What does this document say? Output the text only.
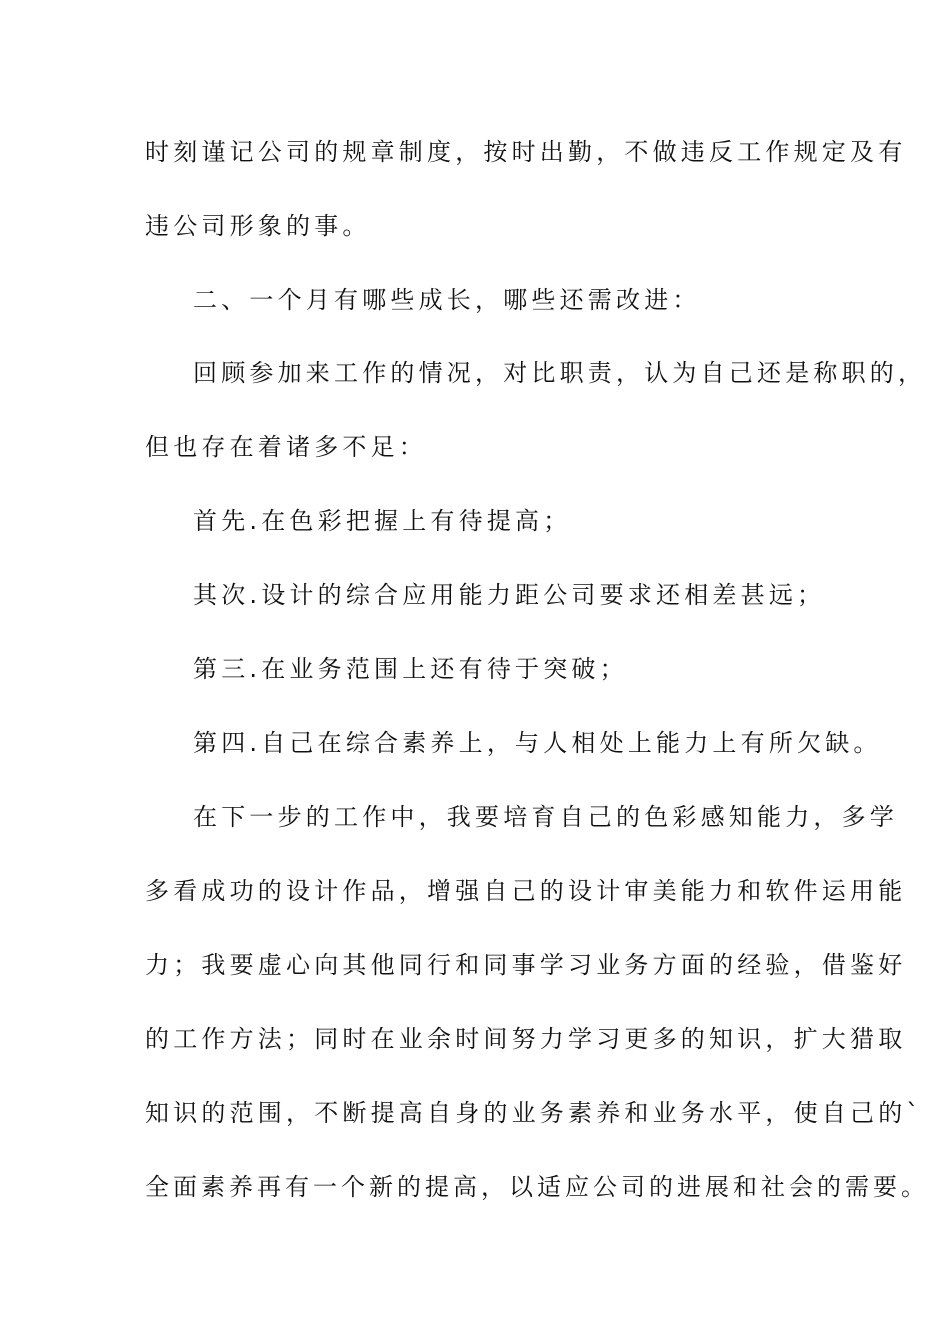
时刻谨记公司的规章制度，按时出勤，不做违反工作规定及有
违公司形象的事。
二、一个月有哪些成长，哪些还需改进：
回顾参加来工作的情况，对比职责，认为自己还是称职的，
但也存在着诸多不足：
首先.在色彩把握上有待提高；
其次.设计的综合应用能力距公司要求还相差甚远；
第三.在业务范围上还有待于突破；
第四.自己在综合素养上，与人相处上能力上有所欠缺。
在下一步的工作中，我要培育自己的色彩感知能力，多学
多看成功的设计作品，增强自己的设计审美能力和软件运用能
力；我要虚心向其他同行和同事学习业务方面的经验，借鉴好
的工作方法；同时在业余时间努力学习更多的知识，扩大猎取
知识的范围，不断提高自身的业务素养和业务水平，使自己的`
全面素养再有一个新的提高，以适应公司的进展和社会的需要。
